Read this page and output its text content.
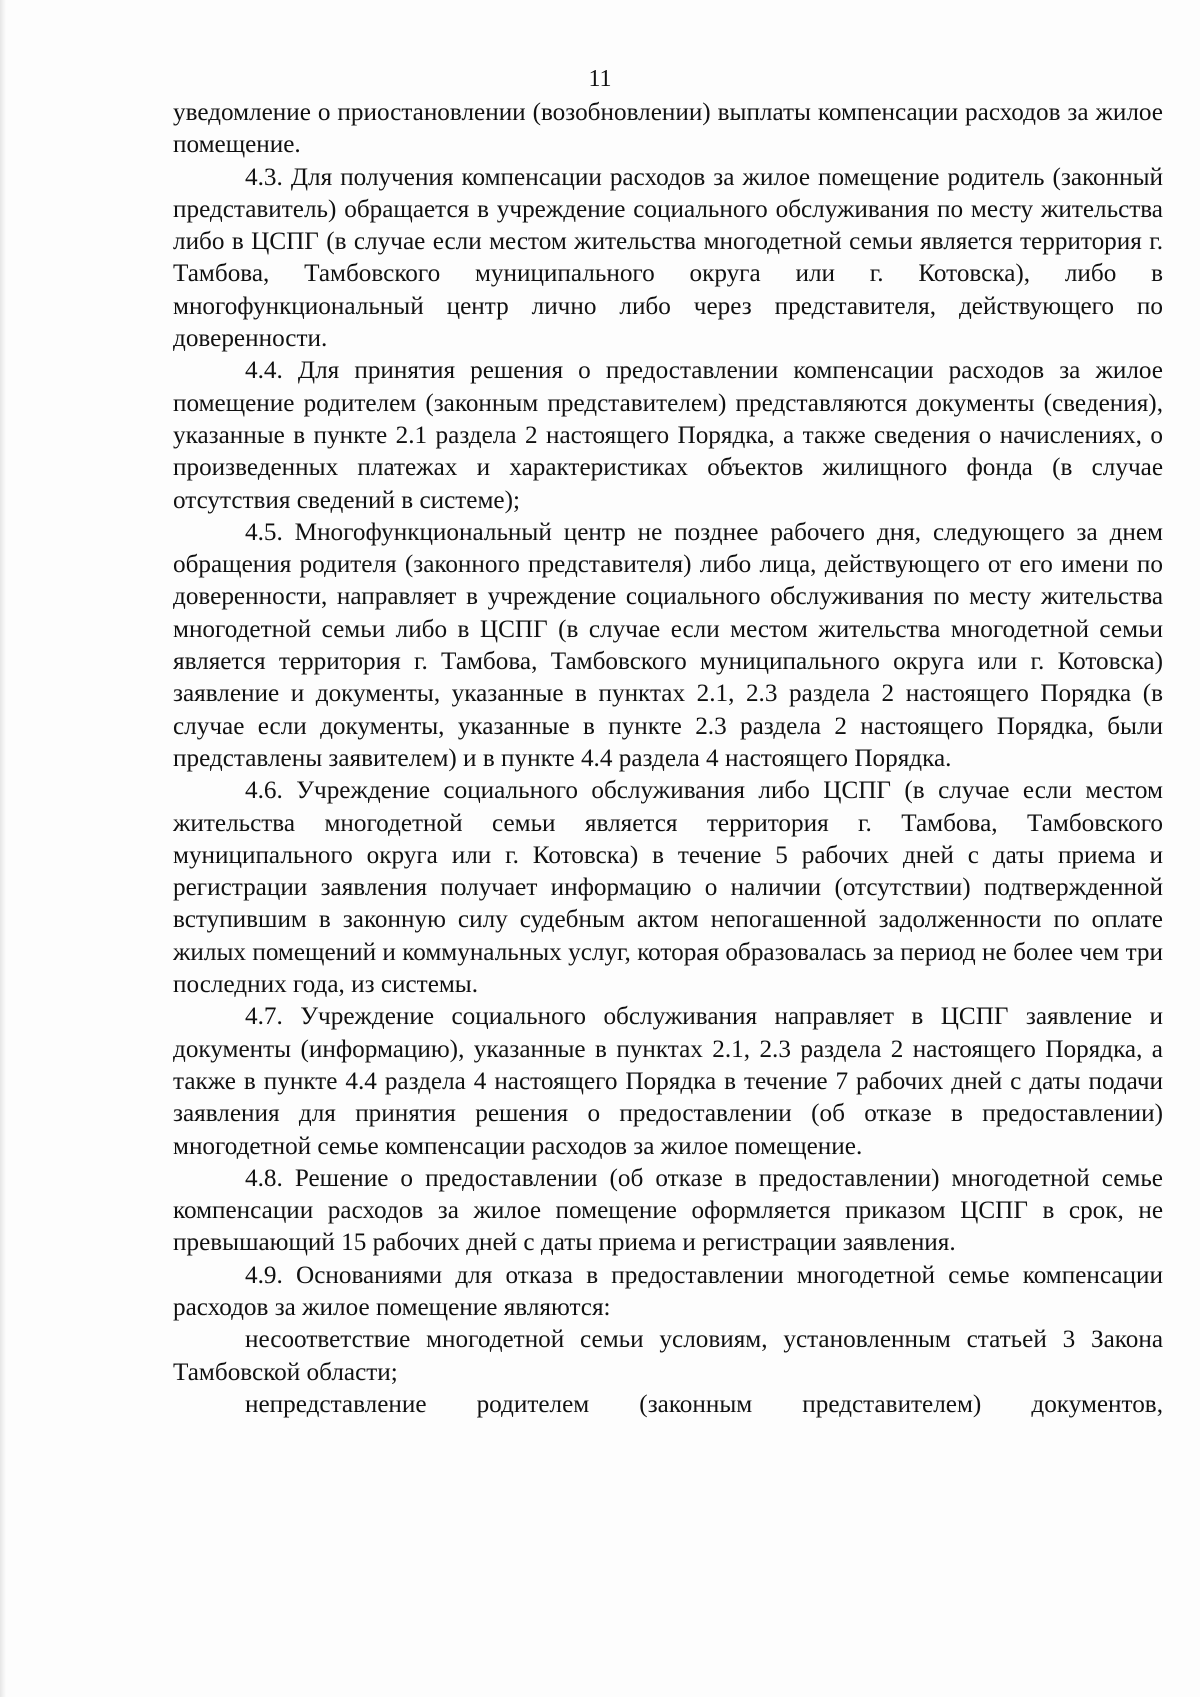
11

уведомление о приостановлении (возобновлении) выплаты компенсации расходов за жилое помещение.

4.3. Для получения компенсации расходов за жилое помещение родитель (законный представитель) обращается в учреждение социального обслуживания по месту жительства либо в ЦСПГ (в случае если местом жительства многодетной семьи является территория г. Тамбова, Тамбовского муниципального округа или г. Котовска), либо в многофункциональный центр лично либо через представителя, действующего по доверенности.

4.4. Для принятия решения о предоставлении компенсации расходов за жилое помещение родителем (законным представителем) представляются документы (сведения), указанные в пункте 2.1 раздела 2 настоящего Порядка, а также сведения о начислениях, о произведенных платежах и характеристиках объектов жилищного фонда (в случае отсутствия сведений в системе);

4.5. Многофункциональный центр не позднее рабочего дня, следующего за днем обращения родителя (законного представителя) либо лица, действующего от его имени по доверенности, направляет в учреждение социального обслуживания по месту жительства многодетной семьи либо в ЦСПГ (в случае если местом жительства многодетной семьи является территория г. Тамбова, Тамбовского муниципального округа или г. Котовска) заявление и документы, указанные в пунктах 2.1, 2.3 раздела 2 настоящего Порядка (в случае если документы, указанные в пункте 2.3 раздела 2 настоящего Порядка, были представлены заявителем) и в пункте 4.4 раздела 4 настоящего Порядка.

4.6. Учреждение социального обслуживания либо ЦСПГ (в случае если местом жительства многодетной семьи является территория г. Тамбова, Тамбовского муниципального округа или г. Котовска) в течение 5 рабочих дней с даты приема и регистрации заявления получает информацию о наличии (отсутствии) подтвержденной вступившим в законную силу судебным актом непогашенной задолженности по оплате жилых помещений и коммунальных услуг, которая образовалась за период не более чем три последних года, из системы.

4.7. Учреждение социального обслуживания направляет в ЦСПГ заявление и документы (информацию), указанные в пунктах 2.1, 2.3 раздела 2 настоящего Порядка, а также в пункте 4.4 раздела 4 настоящего Порядка в течение 7 рабочих дней с даты подачи заявления для принятия решения о предоставлении (об отказе в предоставлении) многодетной семье компенсации расходов за жилое помещение.

4.8. Решение о предоставлении (об отказе в предоставлении) многодетной семье компенсации расходов за жилое помещение оформляется приказом ЦСПГ в срок, не превышающий 15 рабочих дней с даты приема и регистрации заявления.

4.9. Основаниями для отказа в предоставлении многодетной семье компенсации расходов за жилое помещение являются:

несоответствие многодетной семьи условиям, установленным статьей 3 Закона Тамбовской области;

непредставление родителем (законным представителем) документов,
